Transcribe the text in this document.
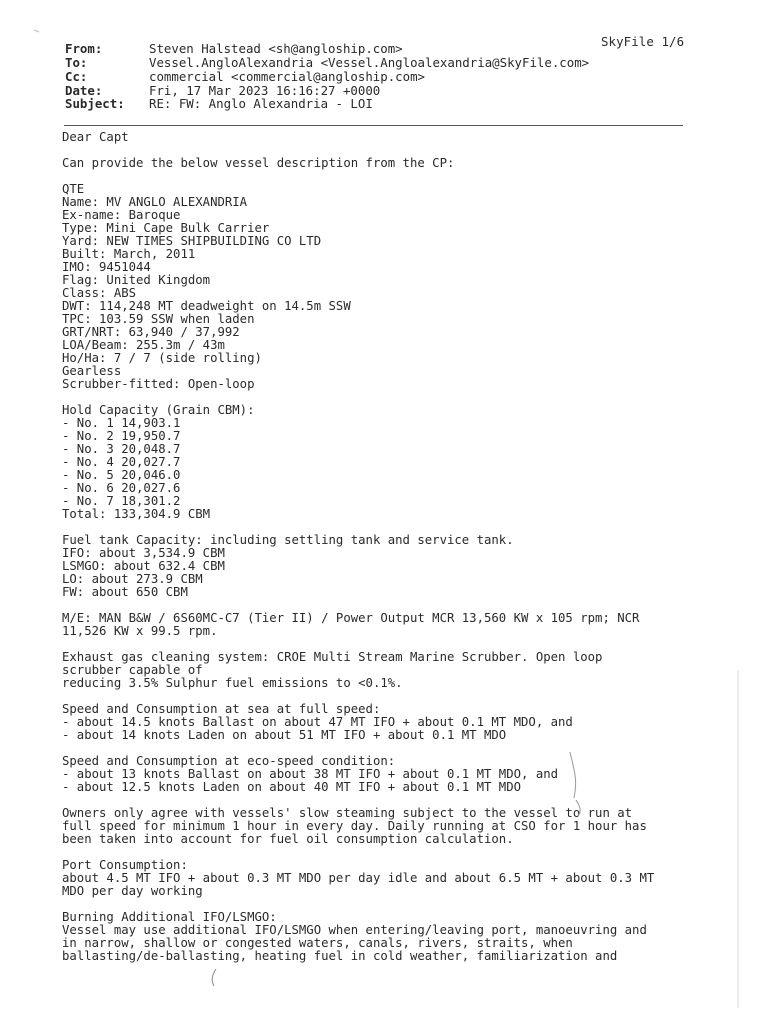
SkyFile 1/6
From:	Steven Halstead <sh@angloship.com>
To:	Vessel.AngloAlexandria <Vessel.Angloalexandria@SkyFile.com>
Cc:	commercial <commercial@angloship.com>
Date:	Fri, 17 Mar 2023 16:16:27 +0000
Subject: RE: FW: Anglo Alexandria - LOI
Dear Capt
Can provide the below vessel description from the CP:
QTE
Name: MV ANGLO ALEXANDRIA
Ex-name: Baroque
Type: Mini Cape Bulk Carrier
Yard: NEW TIMES SHIPBUILDING CO LTD
Built: March, 2011
IMO: 9451044
Flag: United Kingdom
Class: ABS
DWT: 114,248 MT deadweight on 14.5m SSW
TPC: 103.59 SSW when laden
GRT/NRT: 63,940 / 37,992
LOA/Beam: 255.3m / 43m
Ho/Ha: 7 / 7 (side rolling)
Gearless
Scrubber-fitted: Open-loop
Hold Capacity (Grain CBM):
- No. 1 14,903.1
- No. 2 19,950.7
- No. 3 20,048.7
- No. 4 20,027.7
- No. 5 20,046.0
- No. 6 20,027.6
- No. 7 18,301.2
Total: 133,304.9 CBM
Fuel tank Capacity: including settling tank and service tank.
IFO: about 3,534.9 CBM
LSMGO: about 632.4 CBM
LO: about 273.9 CBM
FW: about 650 CBM
M/E: MAN B&W / 6S60MC-C7 (Tier II) / Power Output MCR 13,560 KW x 105 rpm; NCR
11,526 KW x 99.5 rpm.
Exhaust gas cleaning system: CROE Multi Stream Marine Scrubber. Open loop
scrubber capable of
reducing 3.5% Sulphur fuel emissions to <0.1%.
Speed and Consumption at sea at full speed:
- about 14.5 knots Ballast on about 47 MT IFO + about 0.1 MT MDO, and
- about 14 knots Laden on about 51 MT IFO + about 0.1 MT MDO
Speed and Consumption at eco-speed condition:
- about 13 knots Ballast on about 38 MT IFO + about 0.1 MT MDO, and
- about 12.5 knots Laden on about 40 MT IFO + about 0.1 MT MDO
Owners only agree with vessels' slow steaming subject to the vessel to run at
full speed for minimum 1 hour in every day. Daily running at CSO for 1 hour has
been taken into account for fuel oil consumption calculation.
Port Consumption:
about 4.5 MT IFO + about 0.3 MT MDO per day idle and about 6.5 MT + about 0.3 MT
MDO per day working
Burning Additional IFO/LSMGO:
Vessel may use additional IFO/LSMGO when entering/leaving port, manoeuvring and
in narrow, shallow or congested waters, canals, rivers, straits, when
ballasting/de-ballasting, heating fuel in cold weather, familiarization and
